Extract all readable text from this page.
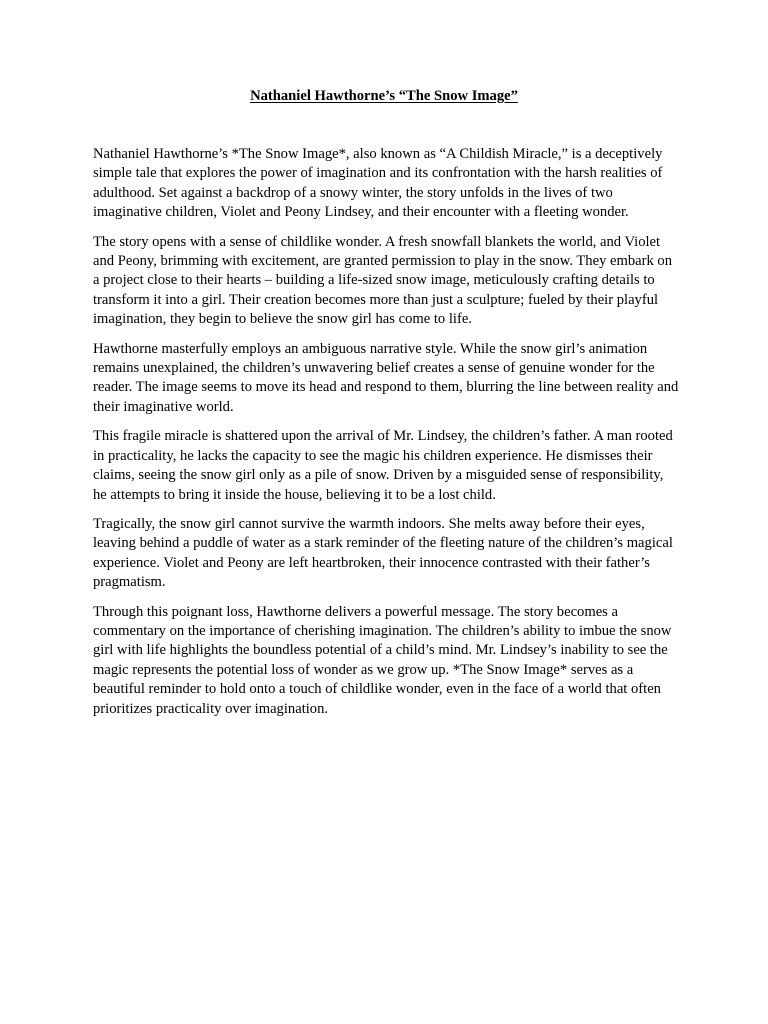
Nathaniel Hawthorne’s “The Snow Image”

Nathaniel Hawthorne’s *The Snow Image*, also known as “A Childish Miracle,” is a deceptively simple tale that explores the power of imagination and its confrontation with the harsh realities of adulthood. Set against a backdrop of a snowy winter, the story unfolds in the lives of two imaginative children, Violet and Peony Lindsey, and their encounter with a fleeting wonder.

The story opens with a sense of childlike wonder. A fresh snowfall blankets the world, and Violet and Peony, brimming with excitement, are granted permission to play in the snow. They embark on a project close to their hearts – building a life-sized snow image, meticulously crafting details to transform it into a girl. Their creation becomes more than just a sculpture; fueled by their playful imagination, they begin to believe the snow girl has come to life.

Hawthorne masterfully employs an ambiguous narrative style. While the snow girl’s animation remains unexplained, the children’s unwavering belief creates a sense of genuine wonder for the reader. The image seems to move its head and respond to them, blurring the line between reality and their imaginative world.

This fragile miracle is shattered upon the arrival of Mr. Lindsey, the children’s father. A man rooted in practicality, he lacks the capacity to see the magic his children experience. He dismisses their claims, seeing the snow girl only as a pile of snow. Driven by a misguided sense of responsibility, he attempts to bring it inside the house, believing it to be a lost child.

Tragically, the snow girl cannot survive the warmth indoors. She melts away before their eyes, leaving behind a puddle of water as a stark reminder of the fleeting nature of the children’s magical experience. Violet and Peony are left heartbroken, their innocence contrasted with their father’s pragmatism.

Through this poignant loss, Hawthorne delivers a powerful message. The story becomes a commentary on the importance of cherishing imagination. The children’s ability to imbue the snow girl with life highlights the boundless potential of a child’s mind. Mr. Lindsey’s inability to see the magic represents the potential loss of wonder as we grow up. *The Snow Image* serves as a beautiful reminder to hold onto a touch of childlike wonder, even in the face of a world that often prioritizes practicality over imagination.
